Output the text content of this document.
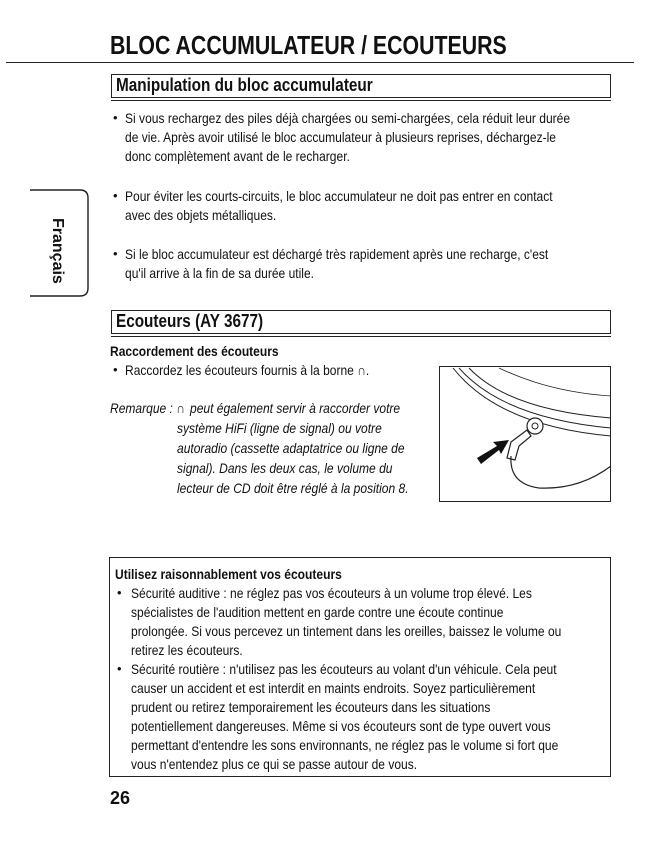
BLOC ACCUMULATEUR / ECOUTEURS
Français
Manipulation du bloc accumulateur
• Si vous rechargez des piles déjà chargées ou semi-chargées, cela réduit leur durée
de vie. Après avoir utilisé le bloc accumulateur à plusieurs reprises, déchargez-le
donc complètement avant de le recharger.
• Pour éviter les courts-circuits, le bloc accumulateur ne doit pas entrer en contact
avec des objets métalliques.
• Si le bloc accumulateur est déchargé très rapidement après une recharge, c'est
qu'il arrive à la fin de sa durée utile.
Ecouteurs (AY 3677)
Raccordement des écouteurs
• Raccordez les écouteurs fournis à la borne ∩.
Remarque : ∩ peut également servir à raccorder votre
système HiFi (ligne de signal) ou votre
autoradio (cassette adaptatrice ou ligne de
signal). Dans les deux cas, le volume du
lecteur de CD doit être réglé à la position 8.
Utilisez raisonnablement vos écouteurs
• Sécurité auditive : ne réglez pas vos écouteurs à un volume trop élevé. Les
spécialistes de l'audition mettent en garde contre une écoute continue
prolongée. Si vous percevez un tintement dans les oreilles, baissez le volume ou
retirez les écouteurs.
• Sécurité routière : n'utilisez pas les écouteurs au volant d'un véhicule. Cela peut
causer un accident et est interdit en maints endroits. Soyez particulièrement
prudent ou retirez temporairement les écouteurs dans les situations
potentiellement dangereuses. Même si vos écouteurs sont de type ouvert vous
permettant d'entendre les sons environnants, ne réglez pas le volume si fort que
vous n'entendez plus ce qui se passe autour de vous.
26
